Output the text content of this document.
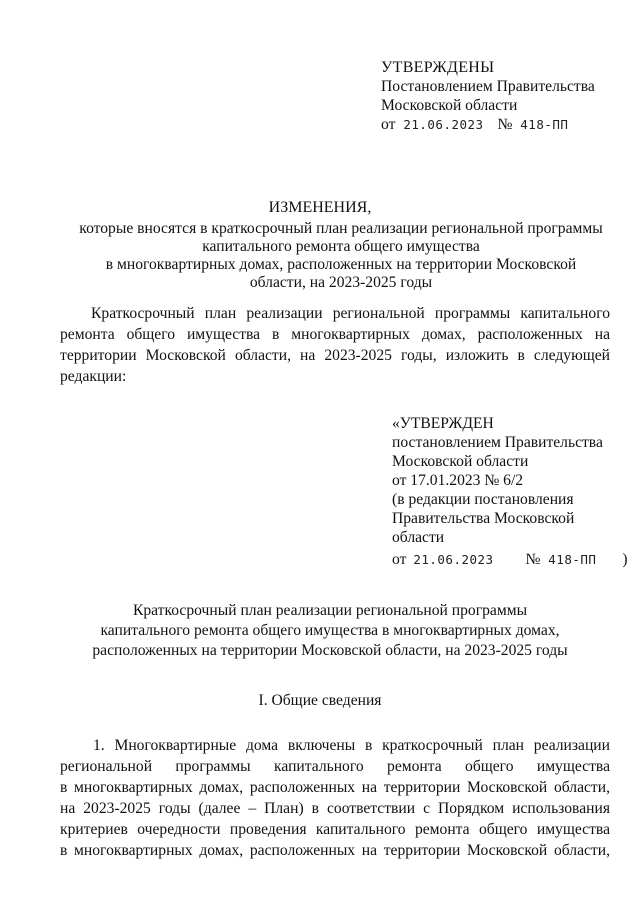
УТВЕРЖДЕНЫ
Постановлением Правительства
Московской области
от 21.06.2023 № 418-ПП
ИЗМЕНЕНИЯ,
которые вносятся в краткосрочный план реализации региональной программы
капитального ремонта общего имущества
в многоквартирных домах, расположенных на территории Московской
области, на 2023-2025 годы
Краткосрочный план реализации региональной программы капитального
ремонта общего имущества в многоквартирных домах, расположенных на
территории Московской области, на 2023-2025 годы, изложить в следующей
редакции:
«УТВЕРЖДЕН
постановлением Правительства
Московской области
от 17.01.2023 № 6/2
(в редакции постановления
Правительства Московской
области
от 21.06.2023 № 418-ПП )
Краткосрочный план реализации региональной программы
капитального ремонта общего имущества в многоквартирных домах,
расположенных на территории Московской области, на 2023-2025 годы
I. Общие сведения
1. Многоквартирные дома включены в краткосрочный план реализации
региональной программы капитального ремонта общего имущества
в многоквартирных домах, расположенных на территории Московской области,
на 2023-2025 годы (далее – План) в соответствии с Порядком использования
критериев очередности проведения капитального ремонта общего имущества
в многоквартирных домах, расположенных на территории Московской области,
